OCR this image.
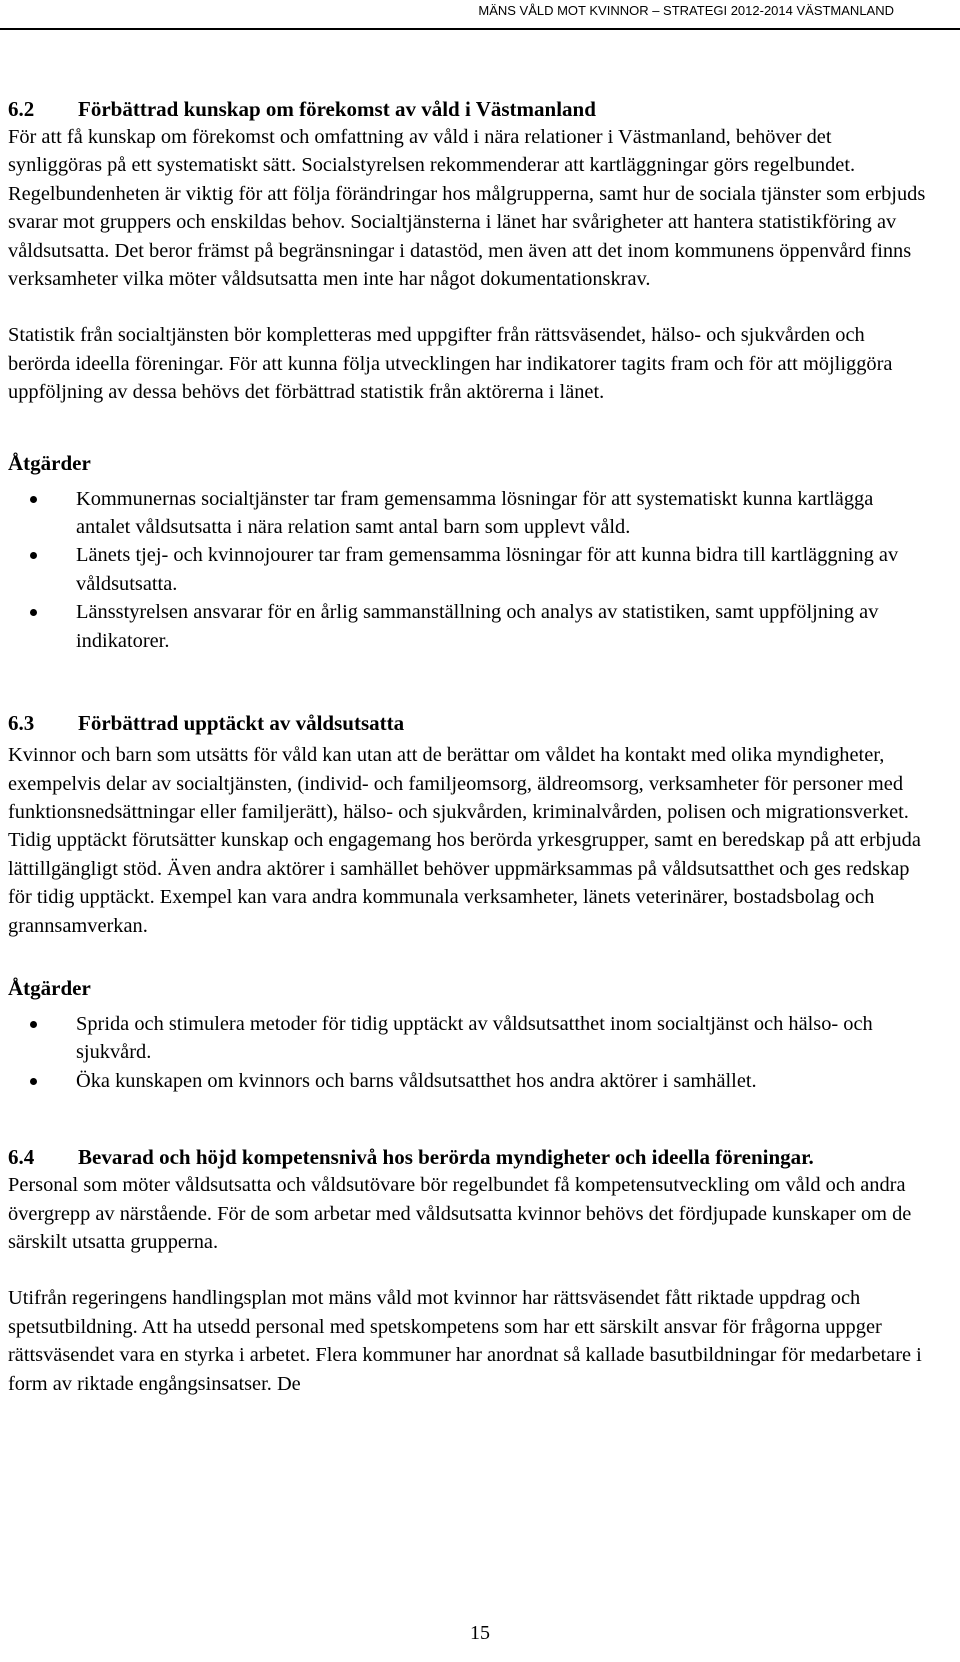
MÄNS VÅLD MOT KVINNOR – STRATEGI 2012-2014 VÄSTMANLAND
6.2	Förbättrad kunskap om förekomst av våld i Västmanland

För att få kunskap om förekomst och omfattning av våld i nära relationer i Västmanland, behöver det synliggöras på ett systematiskt sätt. Socialstyrelsen rekommenderar att kartläggningar görs regelbundet. Regelbundenheten är viktig för att följa förändringar hos målgrupperna, samt hur de sociala tjänster som erbjuds svarar mot gruppers och enskildas behov. Socialtjänsterna i länet har svårigheter att hantera statistikföring av våldsutsatta. Det beror främst på begränsningar i datastöd, men även att det inom kommunens öppenvård finns verksamheter vilka möter våldsutsatta men inte har något dokumentationskrav.

Statistik från socialtjänsten bör kompletteras med uppgifter från rättsväsendet, hälso- och sjukvården och berörda ideella föreningar. För att kunna följa utvecklingen har indikatorer tagits fram och för att möjliggöra uppföljning av dessa behövs det förbättrad statistik från aktörerna i länet.

Åtgärder
Kommunernas socialtjänster tar fram gemensamma lösningar för att systematiskt kunna kartlägga antalet våldsutsatta i nära relation samt antal barn som upplevt våld.
Länets tjej- och kvinnojourer tar fram gemensamma lösningar för att kunna bidra till kartläggning av våldsutsatta.
Länsstyrelsen ansvarar för en årlig sammanställning och analys av statistiken, samt uppföljning av indikatorer.
6.3	Förbättrad upptäckt av våldsutsatta

Kvinnor och barn som utsätts för våld kan utan att de berättar om våldet ha kontakt med olika myndigheter, exempelvis delar av socialtjänsten, (individ- och familjeomsorg, äldreomsorg, verksamheter för personer med funktionsnedsättningar eller familjerätt), hälso- och sjukvården, kriminalvården, polisen och migrationsverket. Tidig upptäckt förutsätter kunskap och engagemang hos berörda yrkesgrupper, samt en beredskap på att erbjuda lättillgängligt stöd. Även andra aktörer i samhället behöver uppmärksammas på våldsutsatthet och ges redskap för tidig upptäckt. Exempel kan vara andra kommunala verksamheter, länets veterinärer, bostadsbolag och grannsamverkan.

Åtgärder
Sprida och stimulera metoder för tidig upptäckt av våldsutsatthet inom socialtjänst och hälso- och sjukvård.
Öka kunskapen om kvinnors och barns våldsutsatthet hos andra aktörer i samhället.
6.4	Bevarad och höjd kompetensnivå hos berörda myndigheter och ideella föreningar.

Personal som möter våldsutsatta och våldsutövare bör regelbundet få kompetensutveckling om våld och andra övergrepp av närstående. För de som arbetar med våldsutsatta kvinnor behövs det fördjupade kunskaper om de särskilt utsatta grupperna.

Utifrån regeringens handlingsplan mot mäns våld mot kvinnor har rättsväsendet fått riktade uppdrag och spetsutbildning. Att ha utsedd personal med spetskompetens som har ett särskilt ansvar för frågorna uppger rättsväsendet vara en styrka i arbetet. Flera kommuner har anordnat så kallade basutbildningar för medarbetare i form av riktade engångsinsatser. De

15
